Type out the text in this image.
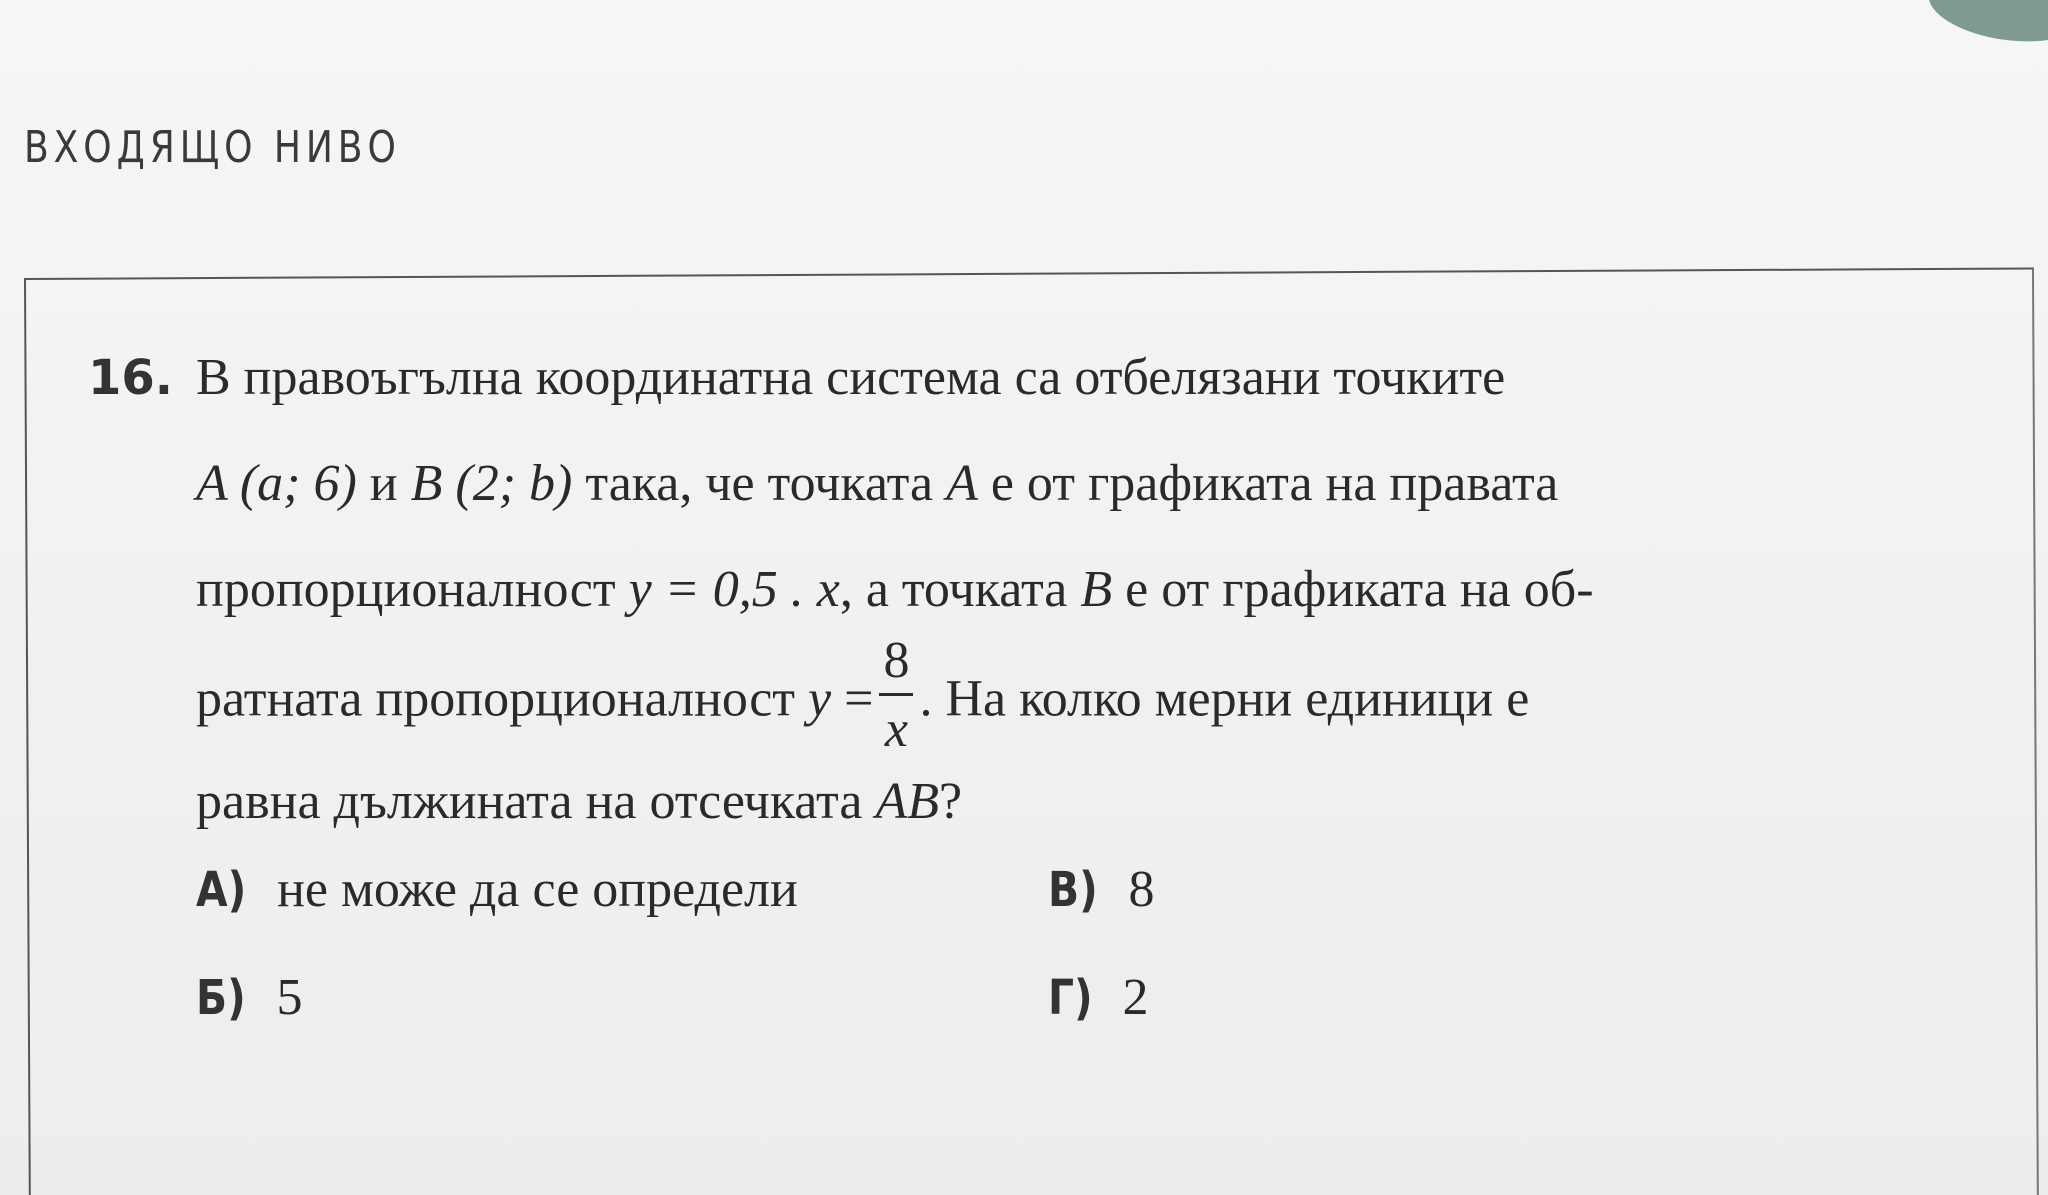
ВХОДЯЩО НИВО
16. В правоъгълна координатна система са отбелязани точките
A (a; 6) и B (2; b) така, че точката A е от графиката на правата
пропорционалност y = 0,5 . x, а точката B е от графиката на об-
ратната пропорционалност $y = \frac{8}{x}$ . На колко мерни единици е
равна дължината на отсечката AB?
А) не може да се определи
Б) 5
В) 8
Г) 2
